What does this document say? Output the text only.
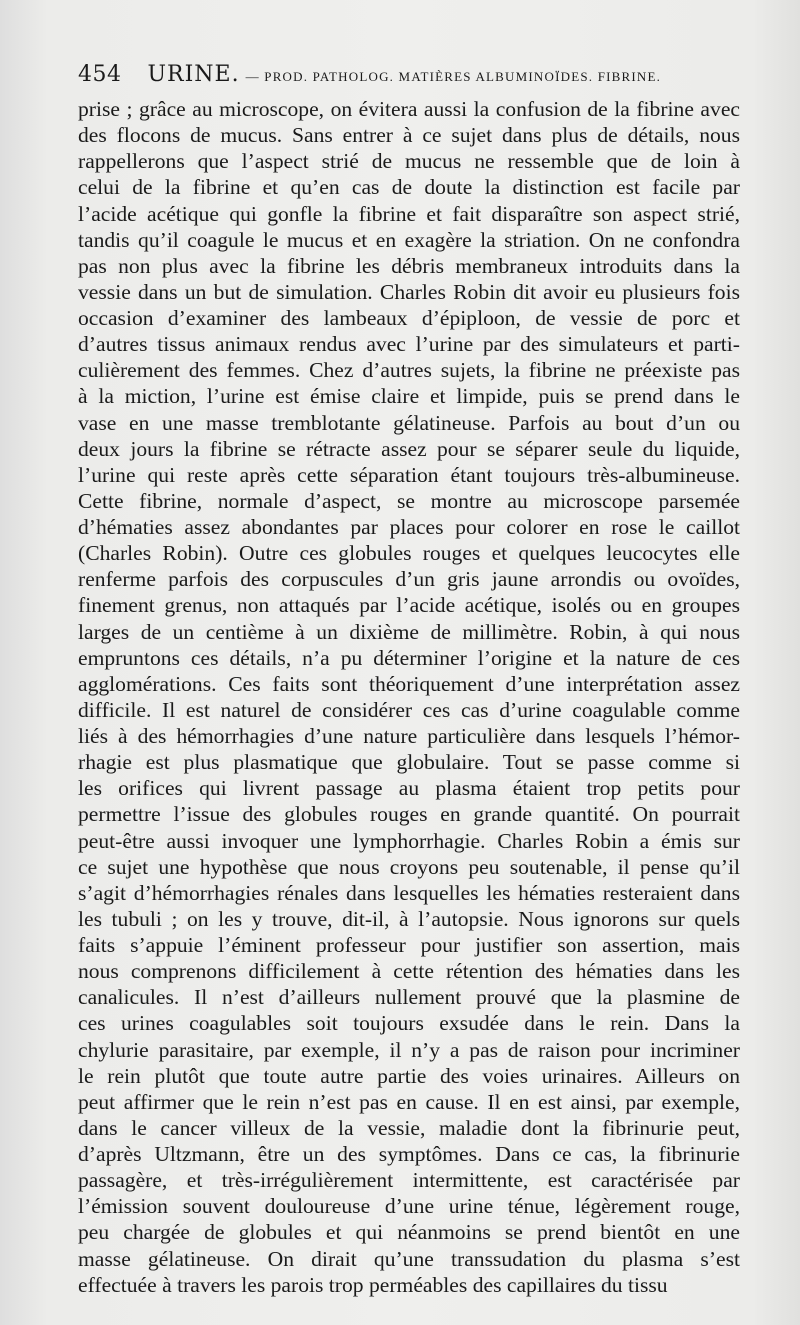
454 URINE. — PROD. PATHOLOG. MATIÈRES ALBUMINOÏDES. FIBRINE.
prise ; grâce au microscope, on évitera aussi la confusion de la fibrine avec
des flocons de mucus. Sans entrer à ce sujet dans plus de détails, nous
rappellerons que l’aspect strié de mucus ne ressemble que de loin à
celui de la fibrine et qu’en cas de doute la distinction est facile par
l’acide acétique qui gonfle la fibrine et fait disparaître son aspect strié,
tandis qu’il coagule le mucus et en exagère la striation. On ne confondra
pas non plus avec la fibrine les débris membraneux introduits dans la
vessie dans un but de simulation. Charles Robin dit avoir eu plusieurs fois
occasion d’examiner des lambeaux d’épiploon, de vessie de porc et
d’autres tissus animaux rendus avec l’urine par des simulateurs et parti-
culièrement des femmes. Chez d’autres sujets, la fibrine ne préexiste pas
à la miction, l’urine est émise claire et limpide, puis se prend dans le
vase en une masse tremblotante gélatineuse. Parfois au bout d’un ou
deux jours la fibrine se rétracte assez pour se séparer seule du liquide,
l’urine qui reste après cette séparation étant toujours très-albumineuse.
Cette fibrine, normale d’aspect, se montre au microscope parsemée
d’hématies assez abondantes par places pour colorer en rose le caillot
(Charles Robin). Outre ces globules rouges et quelques leucocytes elle
renferme parfois des corpuscules d’un gris jaune arrondis ou ovoïdes,
finement grenus, non attaqués par l’acide acétique, isolés ou en groupes
larges de un centième à un dixième de millimètre. Robin, à qui nous
empruntons ces détails, n’a pu déterminer l’origine et la nature de ces
agglomérations. Ces faits sont théoriquement d’une interprétation assez
difficile. Il est naturel de considérer ces cas d’urine coagulable comme
liés à des hémorrhagies d’une nature particulière dans lesquels l’hémor-
rhagie est plus plasmatique que globulaire. Tout se passe comme si
les orifices qui livrent passage au plasma étaient trop petits pour
permettre l’issue des globules rouges en grande quantité. On pourrait
peut-être aussi invoquer une lymphorrhagie. Charles Robin a émis sur
ce sujet une hypothèse que nous croyons peu soutenable, il pense qu’il
s’agit d’hémorrhagies rénales dans lesquelles les hématies resteraient dans
les tubuli ; on les y trouve, dit-il, à l’autopsie. Nous ignorons sur quels
faits s’appuie l’éminent professeur pour justifier son assertion, mais
nous comprenons difficilement à cette rétention des hématies dans les
canalicules. Il n’est d’ailleurs nullement prouvé que la plasmine de
ces urines coagulables soit toujours exsudée dans le rein. Dans la
chylurie parasitaire, par exemple, il n’y a pas de raison pour incriminer
le rein plutôt que toute autre partie des voies urinaires. Ailleurs on
peut affirmer que le rein n’est pas en cause. Il en est ainsi, par exemple,
dans le cancer villeux de la vessie, maladie dont la fibrinurie peut,
d’après Ultzmann, être un des symptômes. Dans ce cas, la fibrinurie
passagère, et très-irrégulièrement intermittente, est caractérisée par
l’émission souvent douloureuse d’une urine ténue, légèrement rouge,
peu chargée de globules et qui néanmoins se prend bientôt en une
masse gélatineuse. On dirait qu’une transsudation du plasma s’est
effectuée à travers les parois trop perméables des capillaires du tissu
